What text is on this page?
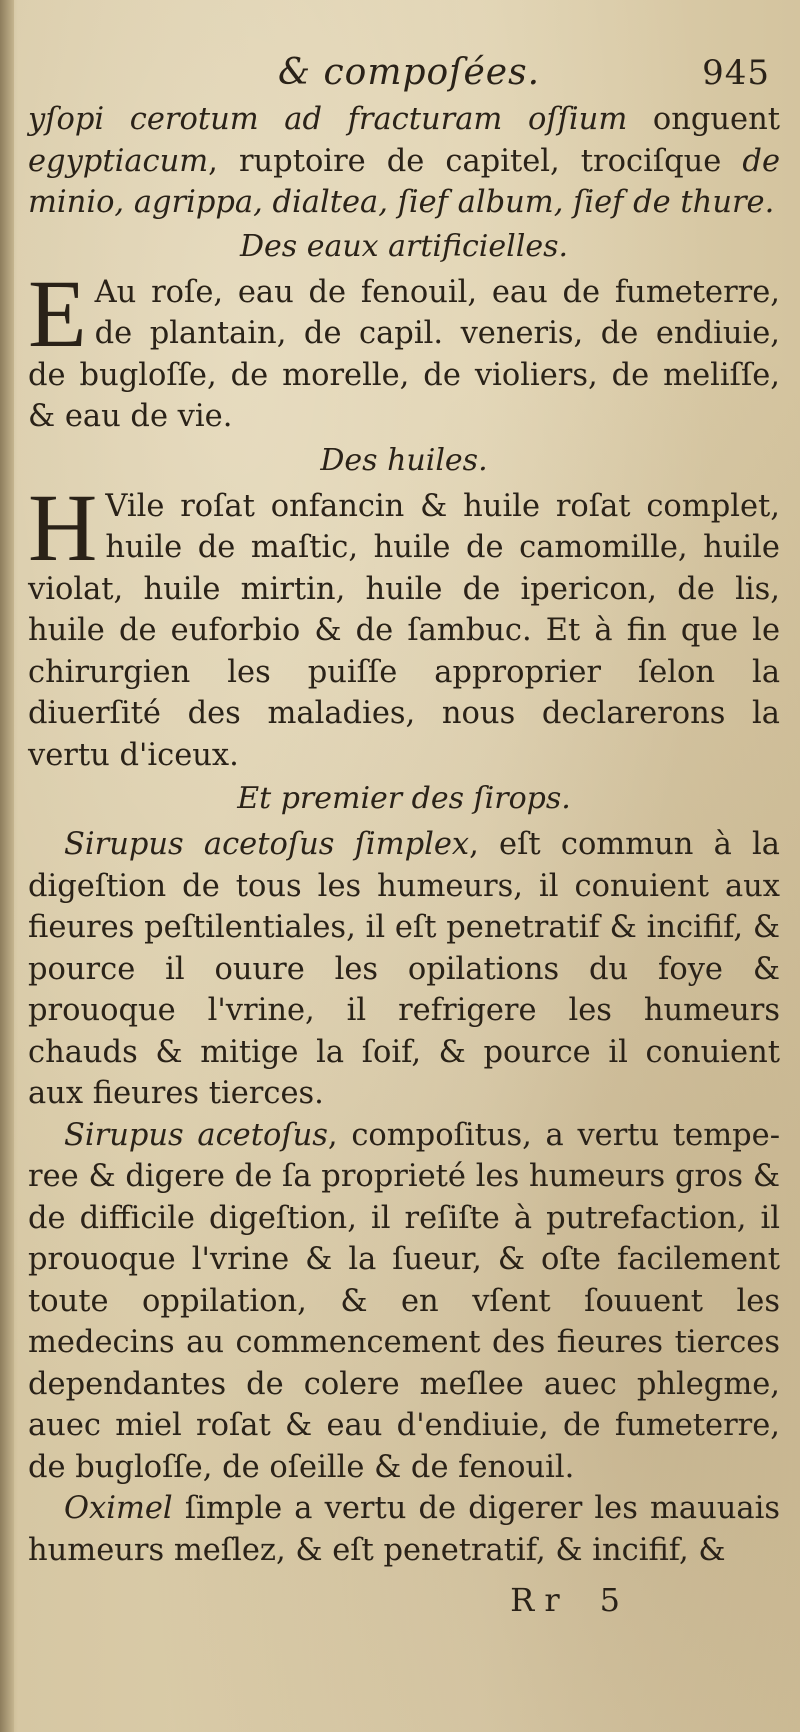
& compoſées.	945

yſopi cerotum ad fracturam oſſium onguent egyptiacum, ruptoire de capitel, trociſque de minio, agrippa, dialtea, ſief album, ſief de thure.

Des eaux artificielles.

E Au roſe, eau de fenouil, eau de fumeterre, de plantain, de capil. veneris, de endiuie, de bugloſſe, de morelle, de violiers, de meliſſe, & eau de vie.

Des huiles.

H Vile roſat onfancin & huile roſat complet, huile de maſtic, huile de camomille, huile violat, huile mirtin, huile de ipericon, de lis, huile de euforbio & de ſambuc. Et à fin que le chirurgien les puiſſe approprier ſelon la diuerſité des maladies, nous declarerons la vertu d'iceux.

Et premier des ſirops.

Sirupus acetoſus ſimplex, eſt commun à la digeſtion de tous les humeurs, il conuient aux fieures peſtilentiales, il eſt penetratif & incifif, & pource il ouure les opilations du foye & prouoque l'vrine, il refrigere les humeurs chauds & mitige la ſoif, & pource il conuient aux fieures tierces.

Sirupus acetoſus, compoſitus, a vertu tempe-ree & digere de ſa proprieté les humeurs gros & de difficile digeſtion, il reſiſte à putrefaction, il prouoque l'vrine & la ſueur, & oſte facilement toute oppilation, & en vſent ſouuent les medecins au commencement des fieures tierces dependantes de colere meſlee auec phlegme, auec miel roſat & eau d'endiuie, de fumeterre, de bugloſſe, de oſeille & de fenouil.

Oximel ſimple a vertu de digerer les mauuais humeurs meſlez, & eſt penetratif, & incifif, &

R r 5
